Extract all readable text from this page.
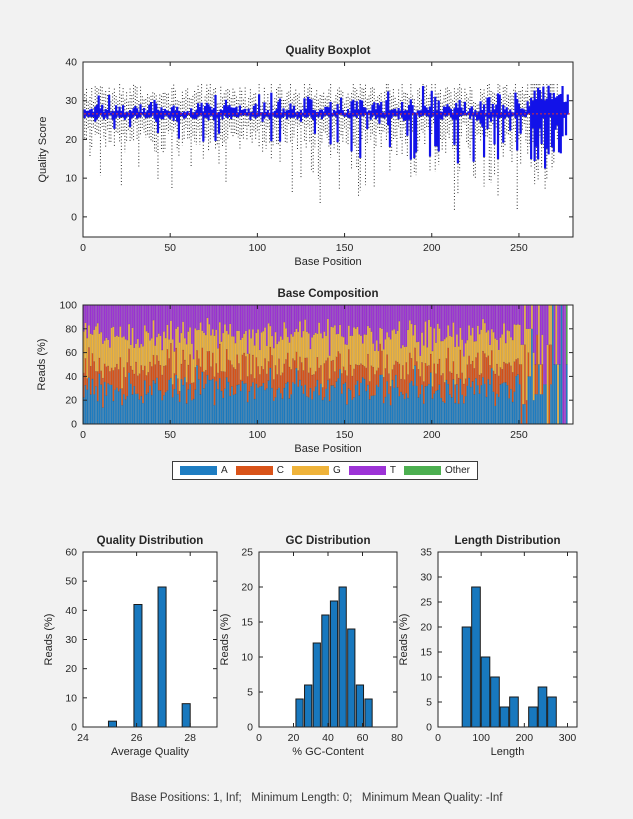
0	50	100	150	200	250
0
10
20
30
40
Quality Boxplot
Base Position
Quality Score
0	50	100	150	200	250
0
20
40
60
80
100
Base Composition
Base Position
Reads (%)
24	26	28
0
10
20
30
40
50
60
Quality Distribution
Average Quality
Reads (%)
0 20 40 60 80
0
5
10
15
20
25
GC Distribution
% GC-Content
Reads (%)
0	100 200 300
0
5
10
15
20
25
30
35
Length Distribution
Length
Reads (%)
A	C	G	T	Other
Base Positions: 1, Inf;   Minimum Length: 0;   Minimum Mean Quality: -Inf
